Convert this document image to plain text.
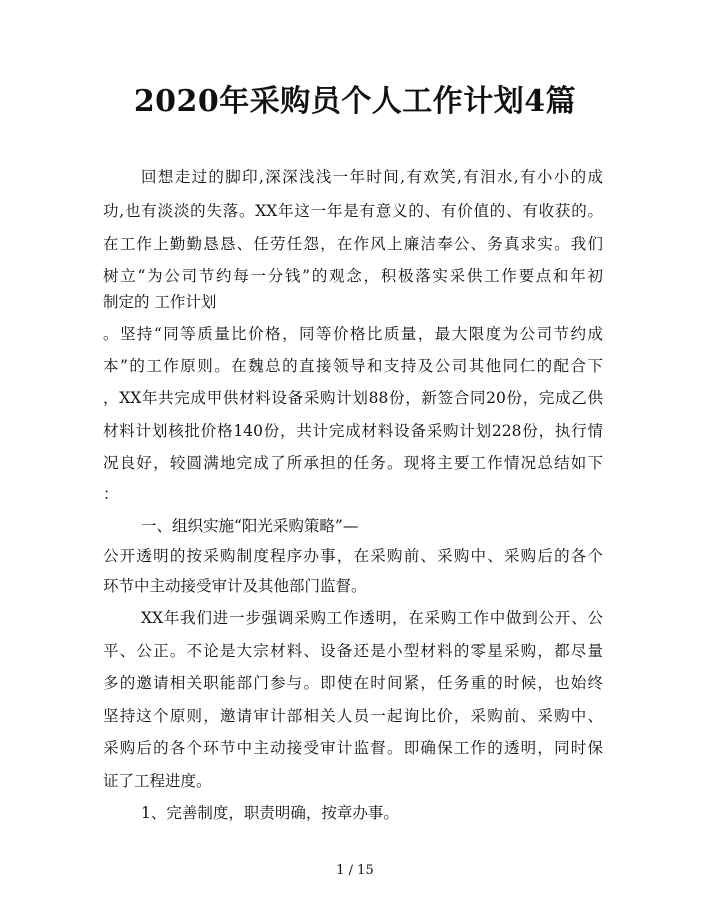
2020年采购员个人工作计划4篇
回想走过的脚印,深深浅浅一年时间,有欢笑,有泪水,有小小的成
功,也有淡淡的失落。XX年这一年是有意义的、有价值的、有收获的。
在工作上勤勤恳恳、任劳任怨，在作风上廉洁奉公、务真求实。我们
树立“为公司节约每一分钱”的观念，积极落实采供工作要点和年初
制定的 工作计划
。坚持“同等质量比价格，同等价格比质量，最大限度为公司节约成
本”的工作原则。在魏总的直接领导和支持及公司其他同仁的配合下
，XX年共完成甲供材料设备采购计划88份，新签合同20份，完成乙供
材料计划核批价格140份，共计完成材料设备采购计划228份，执行情
况良好，较圆满地完成了所承担的任务。现将主要工作情况总结如下
：
一、组织实施“阳光采购策略”—
公开透明的按采购制度程序办事，在采购前、采购中、采购后的各个
环节中主动接受审计及其他部门监督。
XX年我们进一步强调采购工作透明，在采购工作中做到公开、公
平、公正。不论是大宗材料、设备还是小型材料的零星采购，都尽量
多的邀请相关职能部门参与。即使在时间紧，任务重的时候，也始终
坚持这个原则，邀请审计部相关人员一起询比价，采购前、采购中、
采购后的各个环节中主动接受审计监督。即确保工作的透明，同时保
证了工程进度。
1、完善制度，职责明确，按章办事。
1 / 15
